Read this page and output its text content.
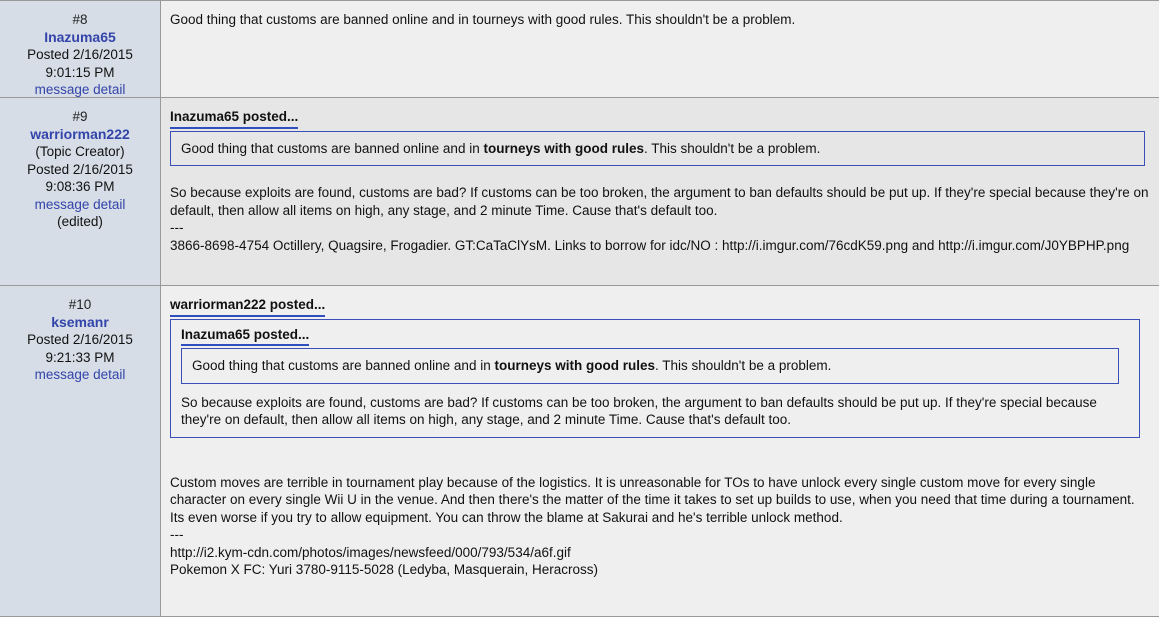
#8
Inazuma65
Posted 2/16/2015
9:01:15 PM
message detail
Good thing that customs are banned online and in tourneys with good rules. This shouldn't be a problem.
#9
warriorman222
(Topic Creator)
Posted 2/16/2015
9:08:36 PM
message detail
(edited)
Inazuma65 posted...
Good thing that customs are banned online and in tourneys with good rules. This shouldn't be a problem.
So because exploits are found, customs are bad? If customs can be too broken, the argument to ban defaults should be put up. If they're special because they're on default, then allow all items on high, any stage, and 2 minute Time. Cause that's default too.
---
3866-8698-4754 Octillery, Quagsire, Frogadier. GT:CaTaClYsM. Links to borrow for idc/NO : http://i.imgur.com/76cdK59.png and http://i.imgur.com/J0YBPHP.png
#10
ksemanr
Posted 2/16/2015
9:21:33 PM
message detail
warriorman222 posted...
Inazuma65 posted...
Good thing that customs are banned online and in tourneys with good rules. This shouldn't be a problem.
So because exploits are found, customs are bad? If customs can be too broken, the argument to ban defaults should be put up. If they're special because they're on default, then allow all items on high, any stage, and 2 minute Time. Cause that's default too.
Custom moves are terrible in tournament play because of the logistics. It is unreasonable for TOs to have unlock every single custom move for every single character on every single Wii U in the venue. And then there's the matter of the time it takes to set up builds to use, when you need that time during a tournament. Its even worse if you try to allow equipment. You can throw the blame at Sakurai and he's terrible unlock method.
---
http://i2.kym-cdn.com/photos/images/newsfeed/000/793/534/a6f.gif
Pokemon X FC: Yuri 3780-9115-5028 (Ledyba, Masquerain, Heracross)
